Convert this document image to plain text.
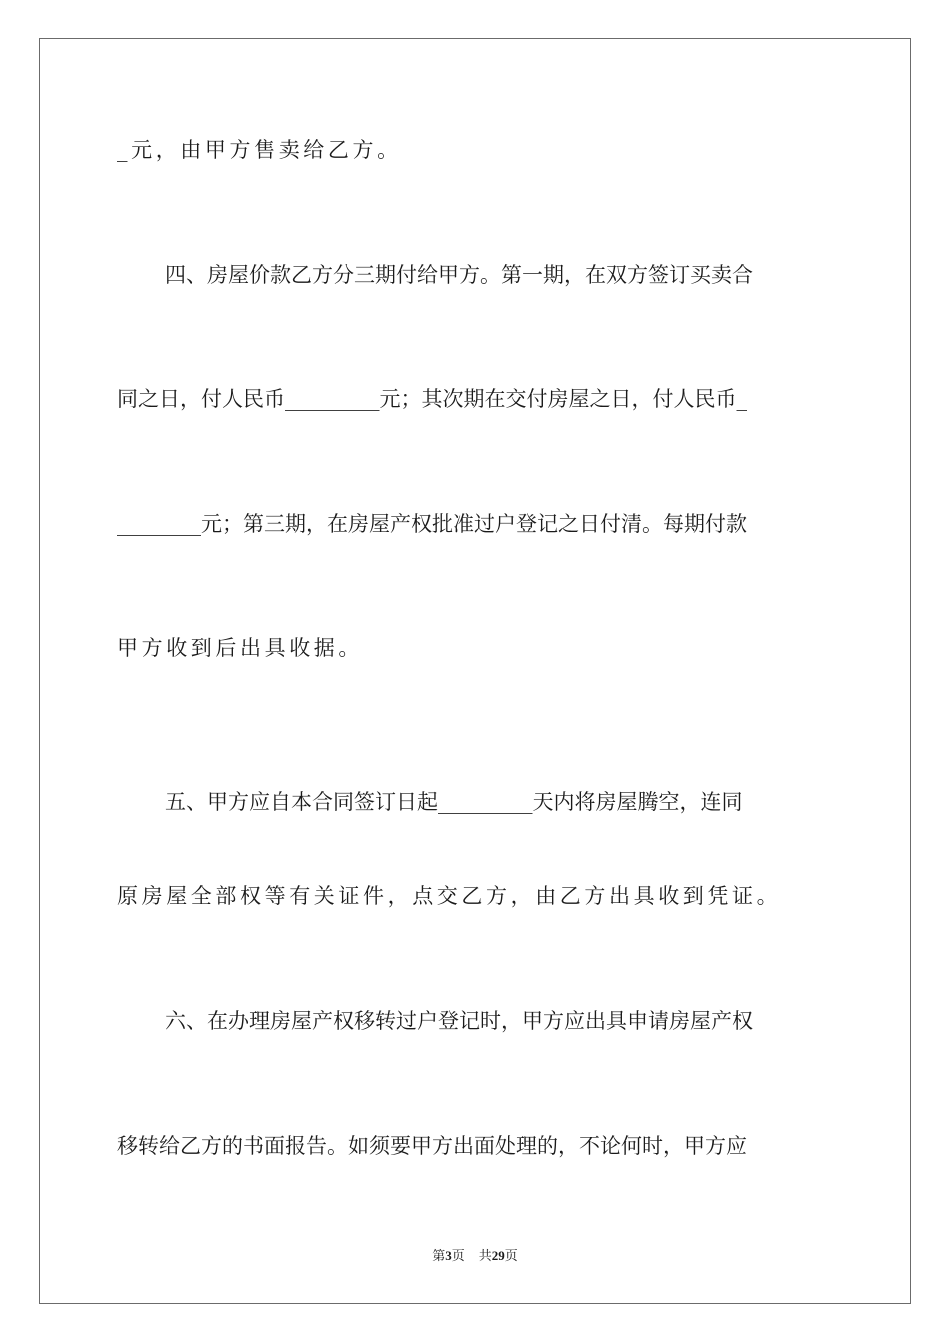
_元，由甲方售卖给乙方。
四、房屋价款乙方分三期付给甲方。第一期，在双方签订买卖合
同之日，付人民币_________元；其次期在交付房屋之日，付人民币_
________元；第三期，在房屋产权批准过户登记之日付清。每期付款
甲方收到后出具收据。
五、甲方应自本合同签订日起_________天内将房屋腾空，连同
原房屋全部权等有关证件，点交乙方，由乙方出具收到凭证。
六、在办理房屋产权移转过户登记时，甲方应出具申请房屋产权
移转给乙方的书面报告。如须要甲方出面处理的，不论何时，甲方应
第3页 共29页
